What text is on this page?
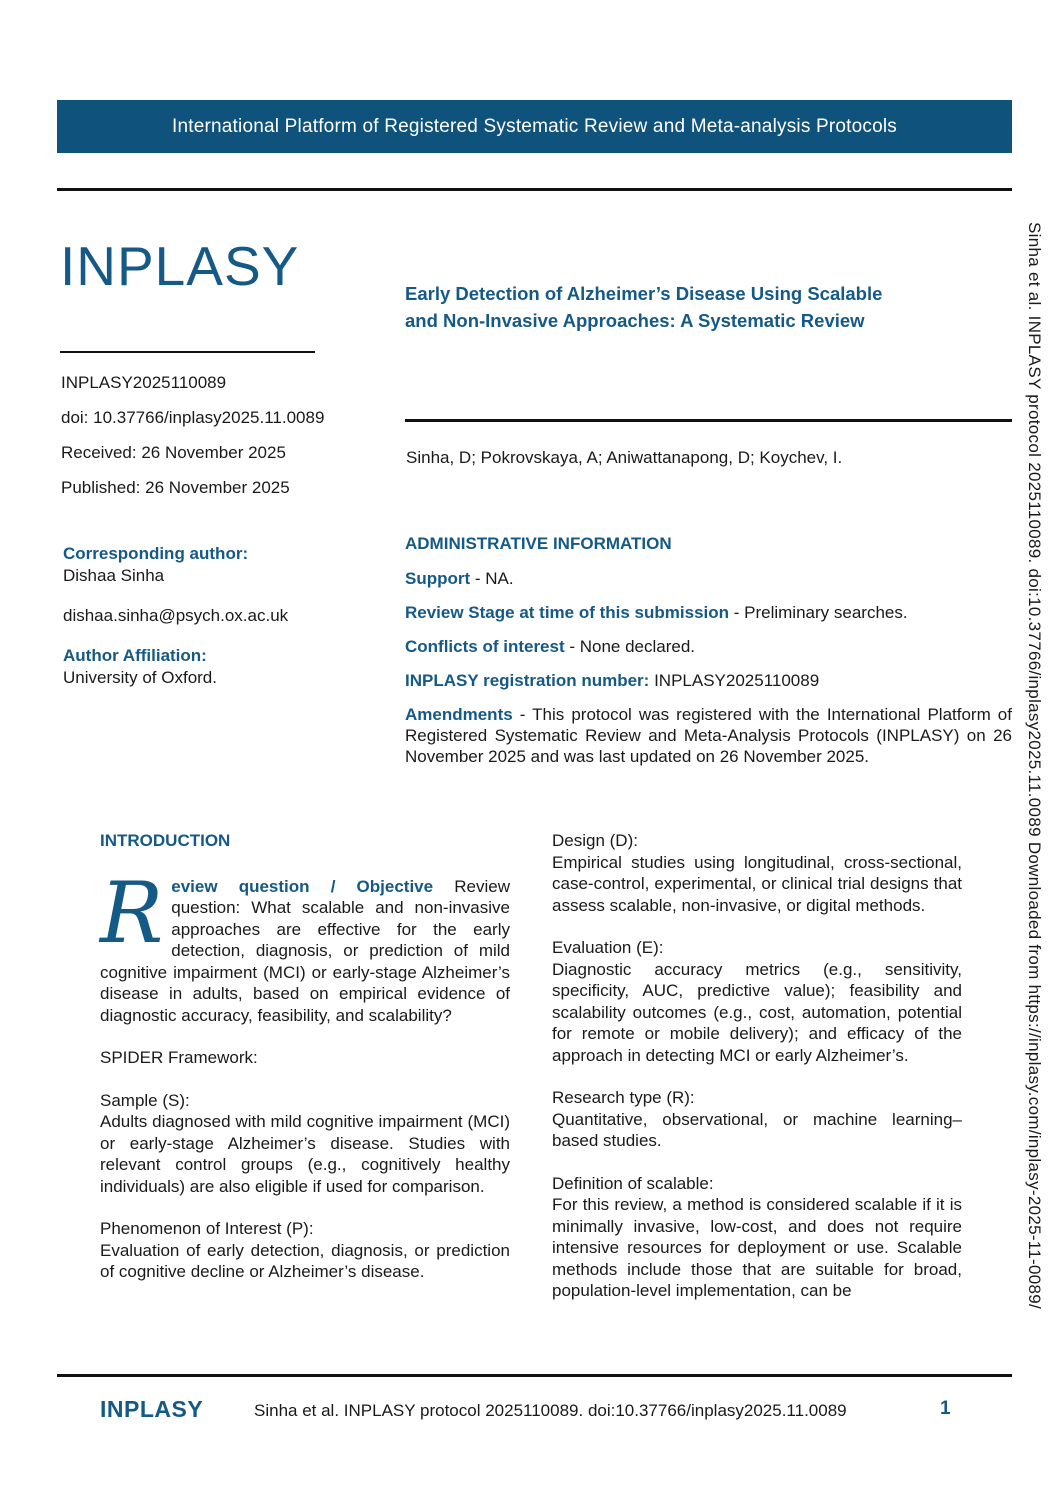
International Platform of Registered Systematic Review and Meta-analysis Protocols
INPLASY
INPLASY2025110089
doi: 10.37766/inplasy2025.11.0089
Received: 26 November 2025
Published: 26 November 2025
Corresponding author:
Dishaa Sinha
dishaa.sinha@psych.ox.ac.uk
Author Affiliation:
University of Oxford.
Early Detection of Alzheimer’s Disease Using Scalable
and Non-Invasive Approaches: A Systematic Review
Sinha, D; Pokrovskaya, A; Aniwattanapong, D; Koychev, I.
ADMINISTRATIVE INFORMATION
Support - NA.
Review Stage at time of this submission - Preliminary searches.
Conflicts of interest - None declared.
INPLASY registration number: INPLASY2025110089
Amendments - This protocol was registered with the International Platform of Registered Systematic Review and Meta-Analysis Protocols (INPLASY) on 26 November 2025 and was last updated on 26 November 2025.
INTRODUCTION

Review question / Objective Review question: What scalable and non-invasive approaches are effective for the early detection, diagnosis, or prediction of mild cognitive impairment (MCI) or early-stage Alzheimer’s disease in adults, based on empirical evidence of diagnostic accuracy, feasibility, and scalability?

SPIDER Framework:
Sample (S):

Adults diagnosed with mild cognitive impairment (MCI) or early-stage Alzheimer’s disease. Studies with relevant control groups (e.g., cognitively healthy individuals) are also eligible if used for comparison.

Phenomenon of Interest (P):

Evaluation of early detection, diagnosis, or prediction of cognitive decline or Alzheimer’s disease.

Design (D):

Empirical studies using longitudinal, cross-sectional, case-control, experimental, or clinical trial designs that assess scalable, non-invasive, or digital methods.

Evaluation (E):

Diagnostic accuracy metrics (e.g., sensitivity, specificity, AUC, predictive value); feasibility and scalability outcomes (e.g., cost, automation, potential for remote or mobile delivery); and efficacy of the approach in detecting MCI or early Alzheimer’s.

Research type (R):

Quantitative, observational, or machine learning–based studies.

Definition of scalable:

For this review, a method is considered scalable if it is minimally invasive, low-cost, and does not require intensive resources for deployment or use. Scalable methods include those that are suitable for broad, population-level implementation, can be

INPLASY	Sinha et al. INPLASY protocol 2025110089. doi:10.37766/inplasy2025.11.0089	1
Sinha et al. INPLASY protocol 2025110089. doi:10.37766/inplasy2025.11.0089 Downloaded from https://inplasy.com/inplasy-2025-11-0089/
